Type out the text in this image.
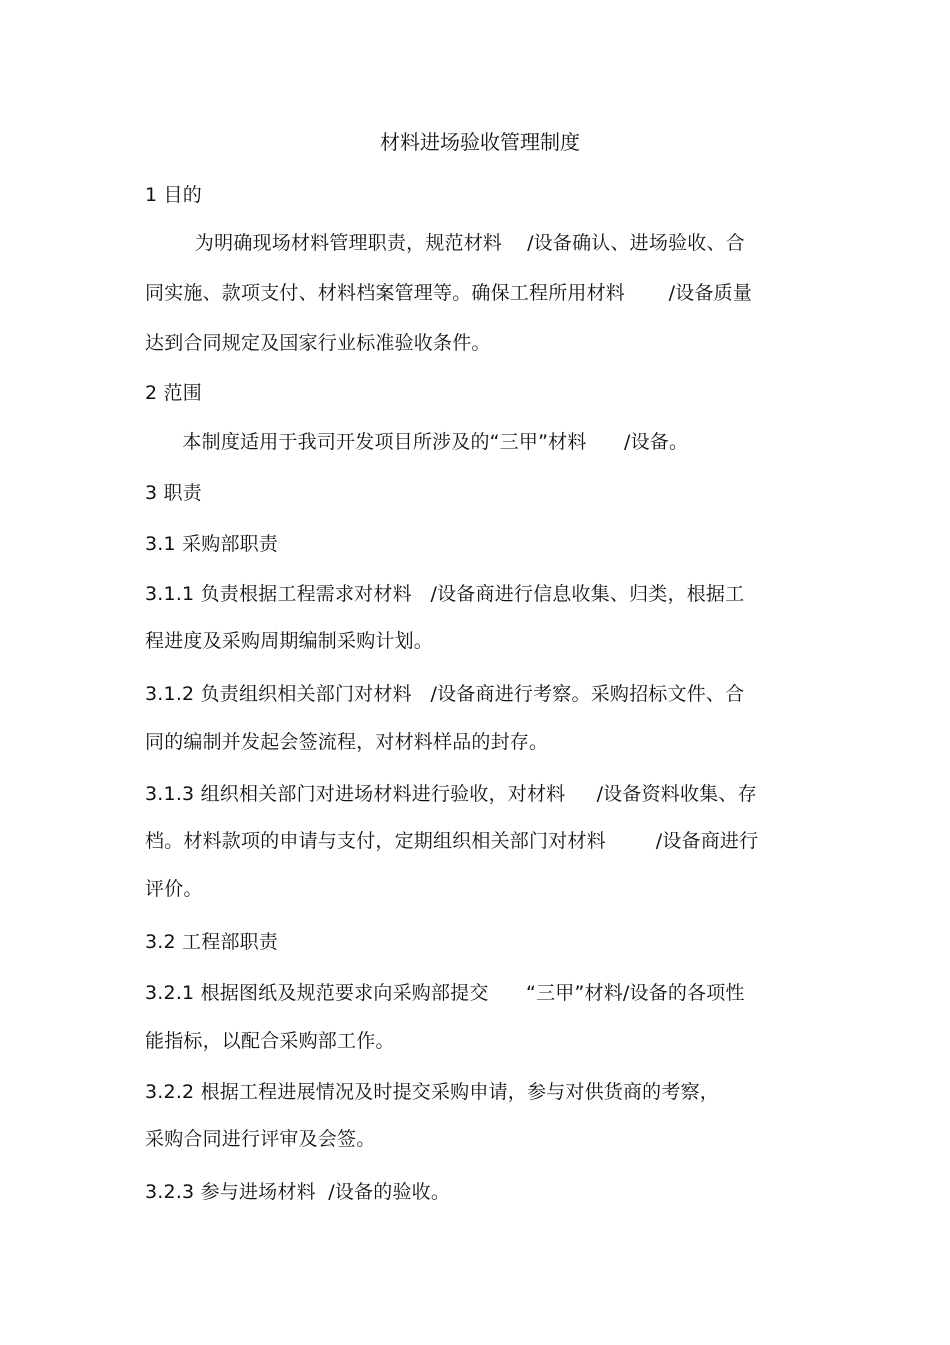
材料进场验收管理制度
1 目的
为明确现场材料管理职责，规范材料    /设备确认、进场验收、合
同实施、款项支付、材料档案管理等。确保工程所用材料       /设备质量
达到合同规定及国家行业标准验收条件。
2 范围
本制度适用于我司开发项目所涉及的“三甲”材料      /设备。
3 职责
3.1 采购部职责
3.1.1 负责根据工程需求对材料   /设备商进行信息收集、归类，根据工
程进度及采购周期编制采购计划。
3.1.2 负责组织相关部门对材料   /设备商进行考察。采购招标文件、合
同的编制并发起会签流程，对材料样品的封存。
3.1.3 组织相关部门对进场材料进行验收，对材料     /设备资料收集、存
档。材料款项的申请与支付，定期组织相关部门对材料        /设备商进行
评价。
3.2 工程部职责
3.2.1 根据图纸及规范要求向采购部提交      “三甲”材料/设备的各项性
能指标，以配合采购部工作。
3.2.2 根据工程进展情况及时提交采购申请，参与对供货商的考察，
采购合同进行评审及会签。
3.2.3 参与进场材料  /设备的验收。
